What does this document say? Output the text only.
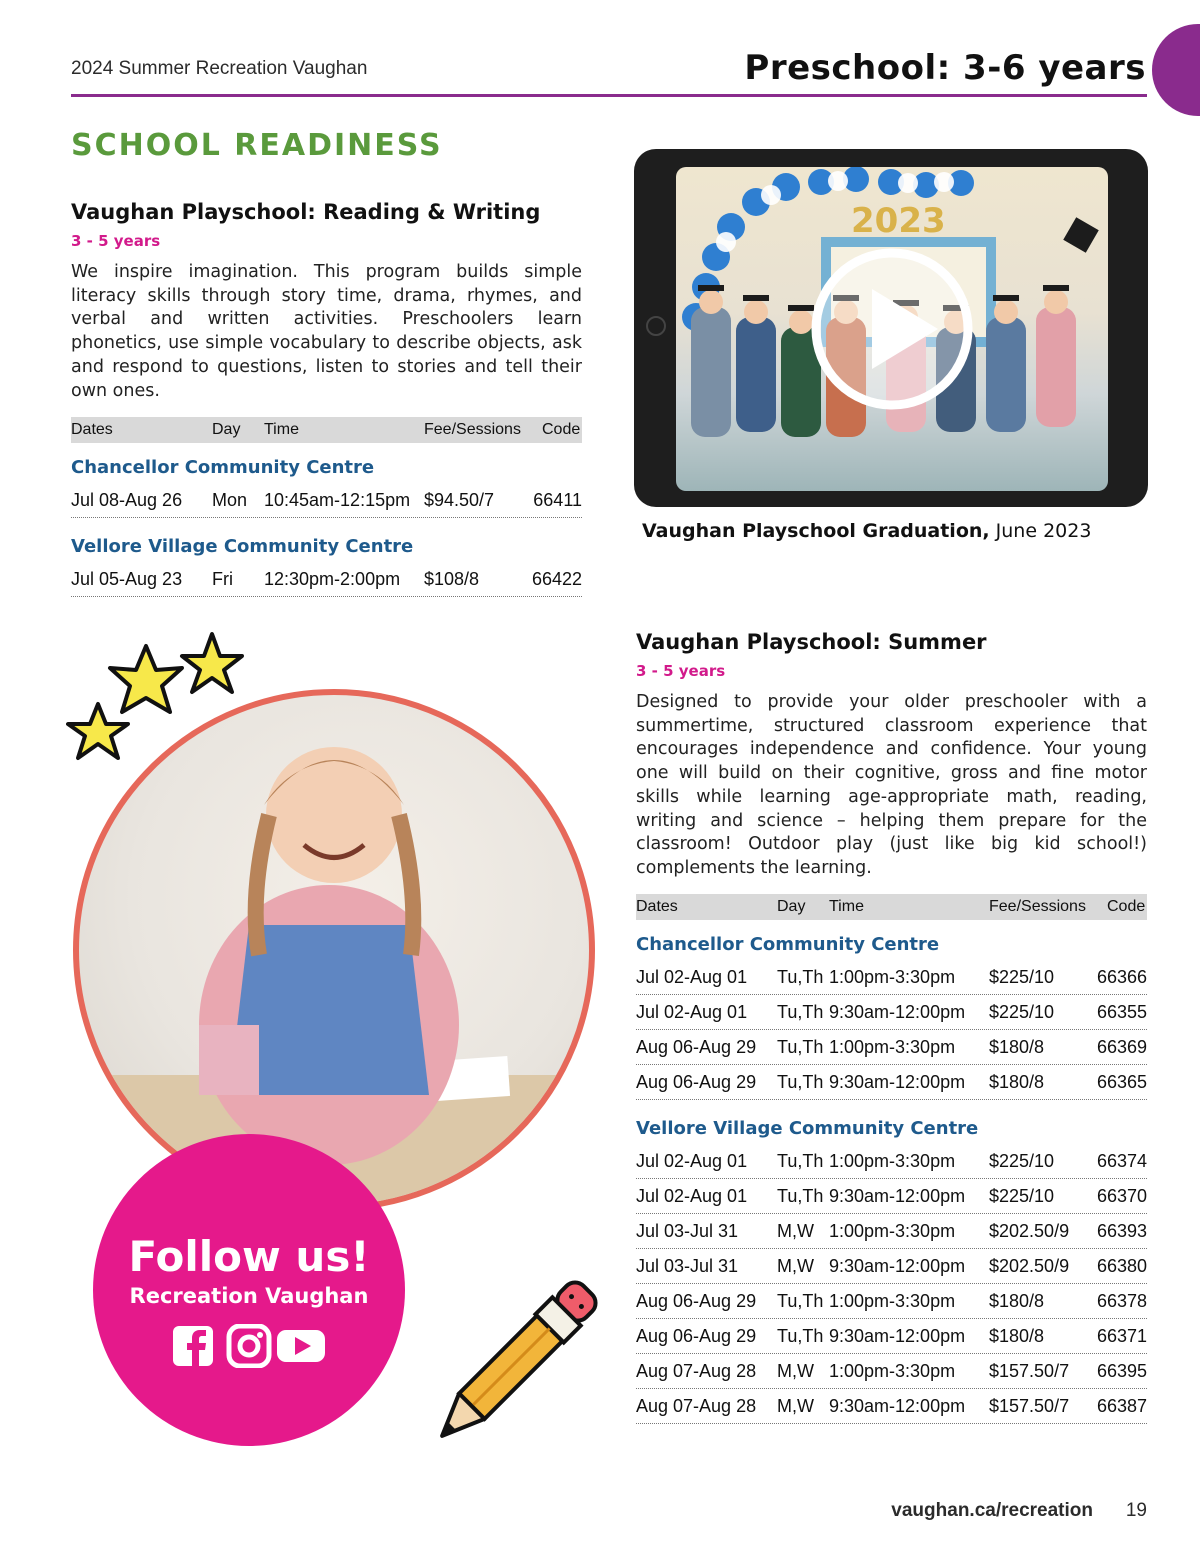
2024 Summer Recreation Vaughan	Preschool: 3-6 years
SCHOOL READINESS
Vaughan Playschool: Reading & Writing
3 - 5 years
We inspire imagination. This program builds simple literacy skills through story time, drama, rhymes, and verbal and written activities. Preschoolers learn phonetics, use simple vocabulary to describe objects, ask and respond to questions, listen to stories and tell their own ones.
Dates	Day Time	Fee/Sessions Code
Chancellor Community Centre
Jul 08-Aug 26 Mon 10:45am-12:15pm $94.50/7 66411
Vellore Village Community Centre
Jul 05-Aug 23 Fri 12:30pm-2:00pm $108/8	66422
2023
Vaughan Playschool Graduation, June 2023
Follow us!
Recreation Vaughan
Vaughan Playschool: Summer
3 - 5 years
Designed to provide your older preschooler with a summertime, structured classroom experience that encourages independence and confidence. Your young one will build on their cognitive, gross and fine motor skills while learning age-appropriate math, reading, writing and science – helping them prepare for the classroom! Outdoor play (just like big kid school!) complements the learning.
Dates	Day Time	Fee/Sessions Code
Chancellor Community Centre
Jul 02-Aug 01 Tu,Th 1:00pm-3:30pm $225/10 66366
Jul 02-Aug 01 Tu,Th 9:30am-12:00pm $225/10 66355
Aug 06-Aug 29 Tu,Th 1:00pm-3:30pm $180/8	66369
Aug 06-Aug 29 Tu,Th 9:30am-12:00pm $180/8	66365
Vellore Village Community Centre
Jul 02-Aug 01 Tu,Th 1:00pm-3:30pm $225/10 66374
Jul 02-Aug 01 Tu,Th 9:30am-12:00pm $225/10 66370
Jul 03-Jul 31 M,W 1:00pm-3:30pm $202.50/9 66393
Jul 03-Jul 31 M,W 9:30am-12:00pm $202.50/9 66380
Aug 06-Aug 29 Tu,Th 1:00pm-3:30pm $180/8	66378
Aug 06-Aug 29 Tu,Th 9:30am-12:00pm $180/8	66371
Aug 07-Aug 28 M,W 1:00pm-3:30pm $157.50/7 66395
Aug 07-Aug 28 M,W 9:30am-12:00pm $157.50/7 66387
vaughan.ca/recreation 19
